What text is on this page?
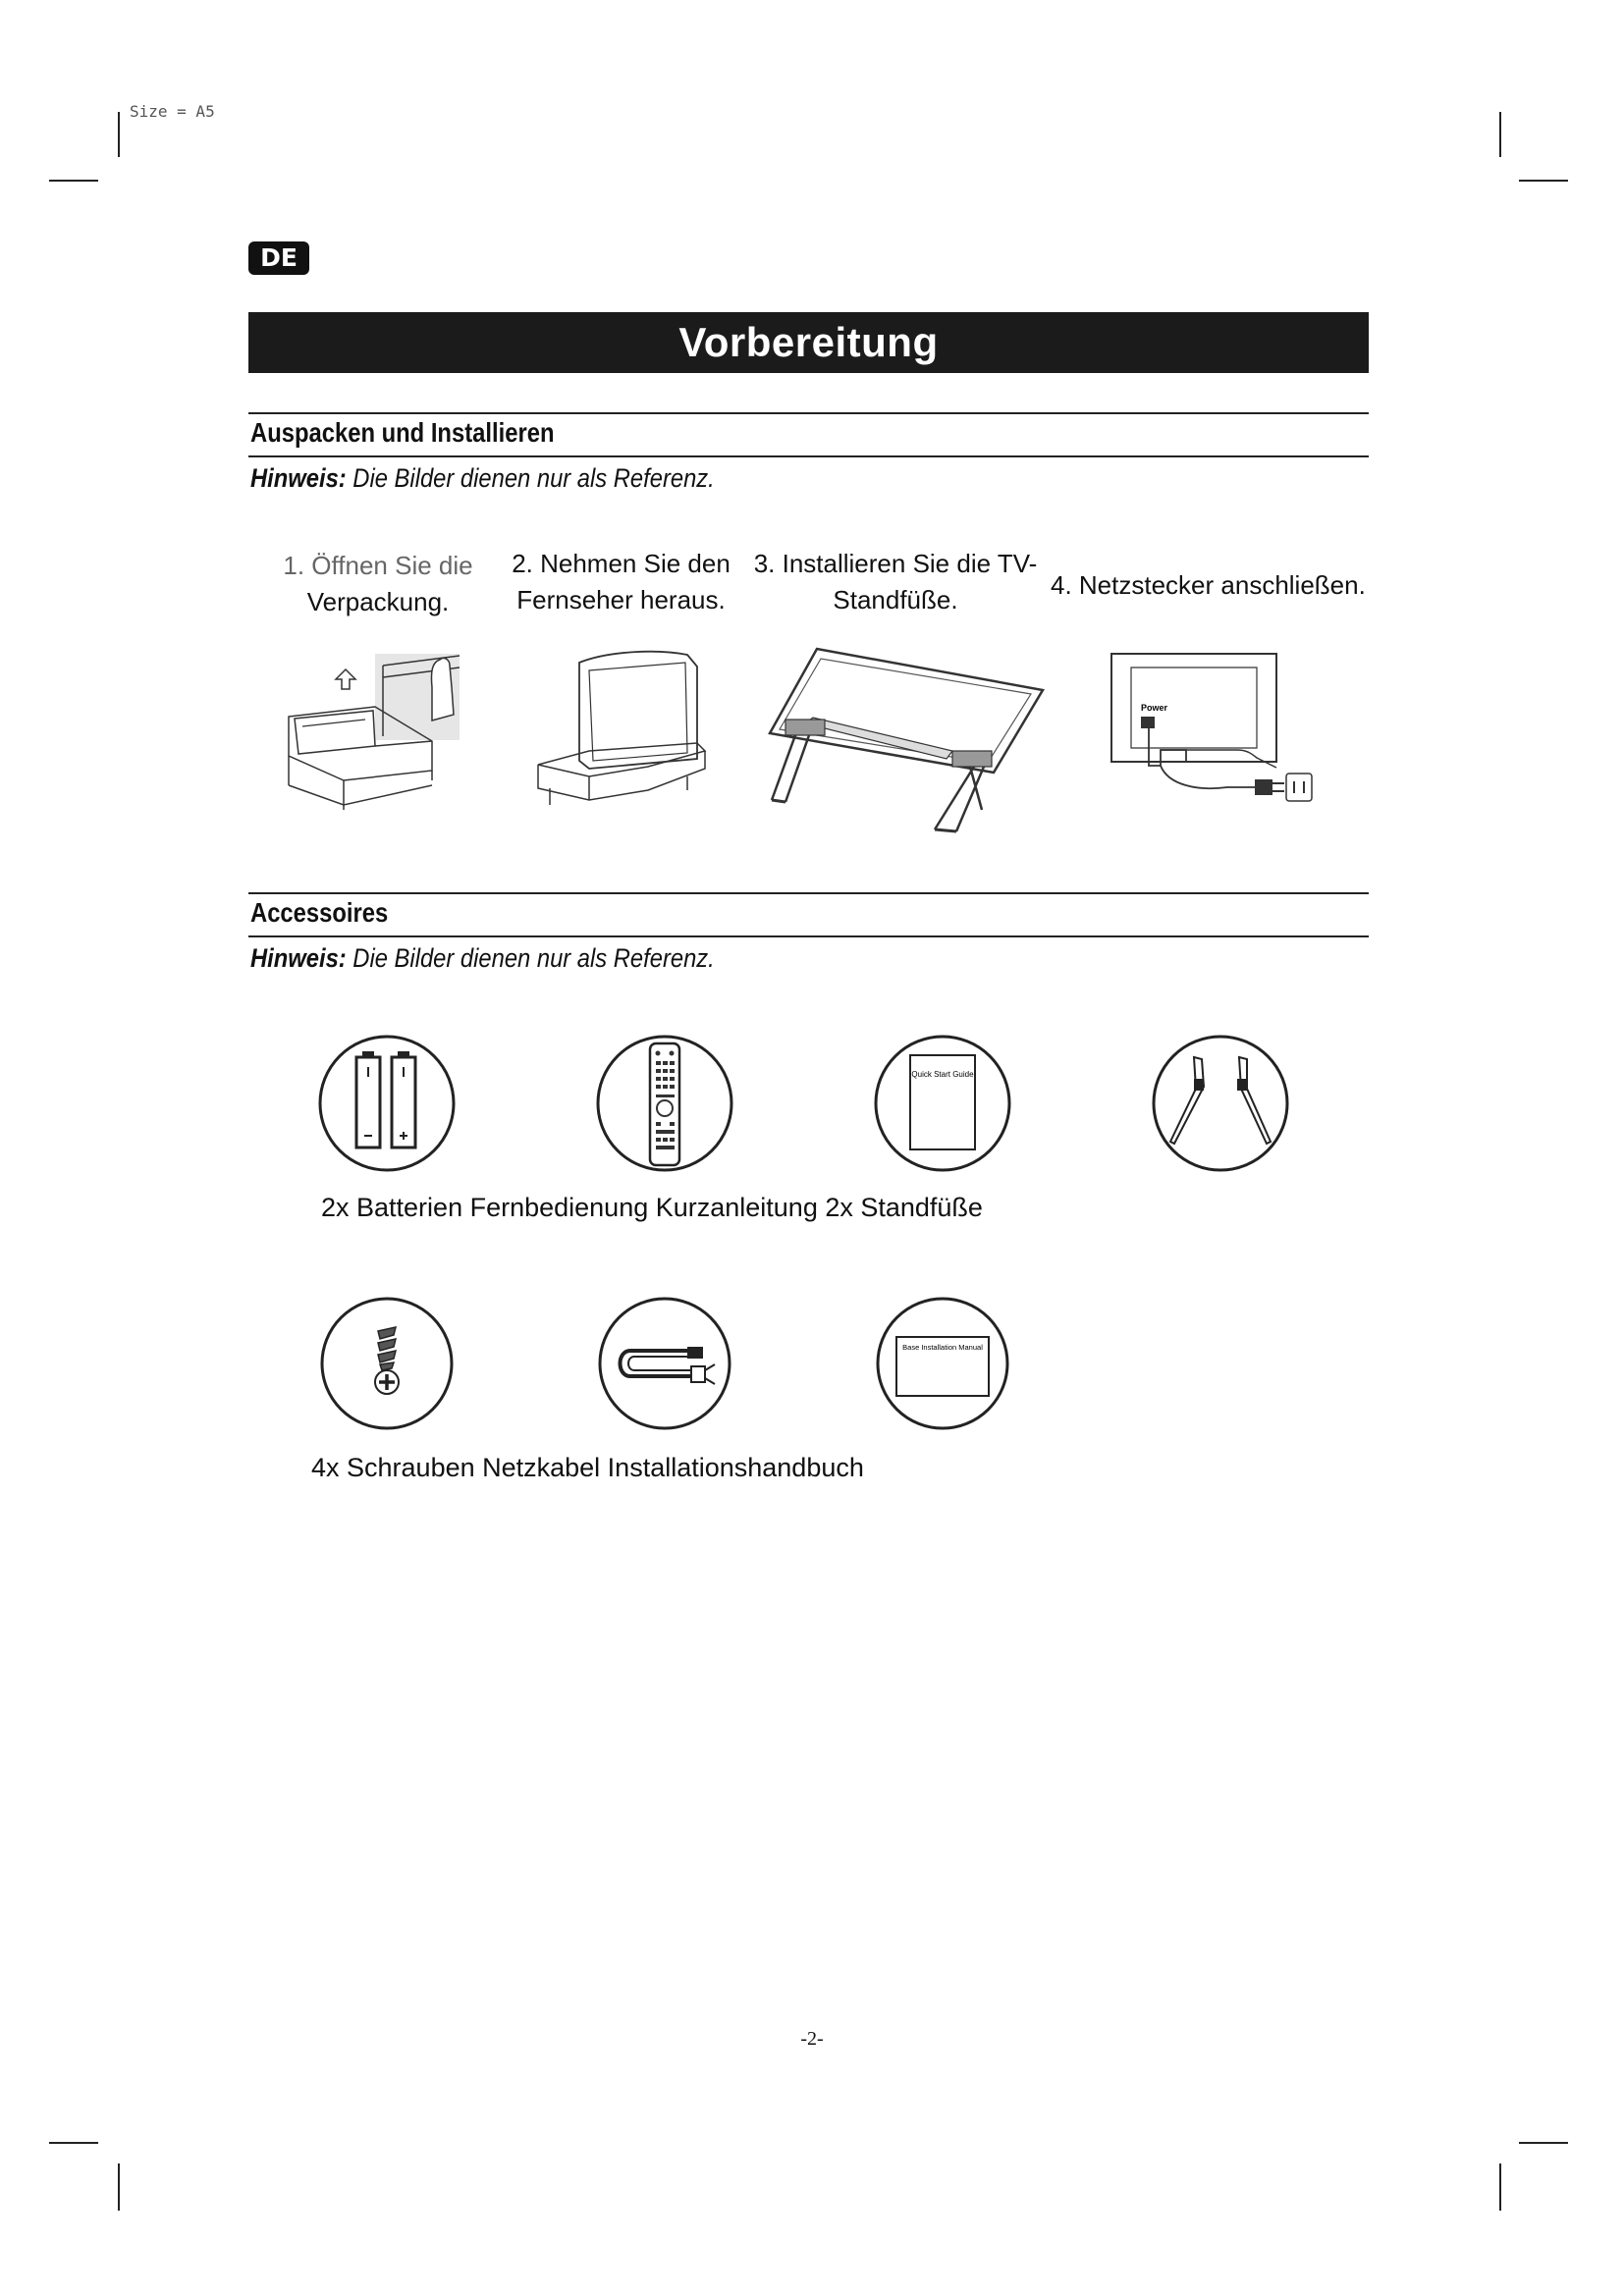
Size = A5
DE
Vorbereitung
Auspacken und Installieren
Hinweis: Die Bilder dienen nur als Referenz.
1. Öffnen Sie die
Verpackung.
2. Nehmen Sie den
Fernseher heraus.
3. Installieren Sie die TV-
Standfüße.	4. Netzstecker anschließen.
Power
Accessoires
Hinweis: Die Bilder dienen nur als Referenz.
Quick Start Guide
2x Batterien Fernbedienung Kurzanleitung 2x Standfüße
Base Installation Manual
4x Schrauben Netzkabel Installationshandbuch
-2-
